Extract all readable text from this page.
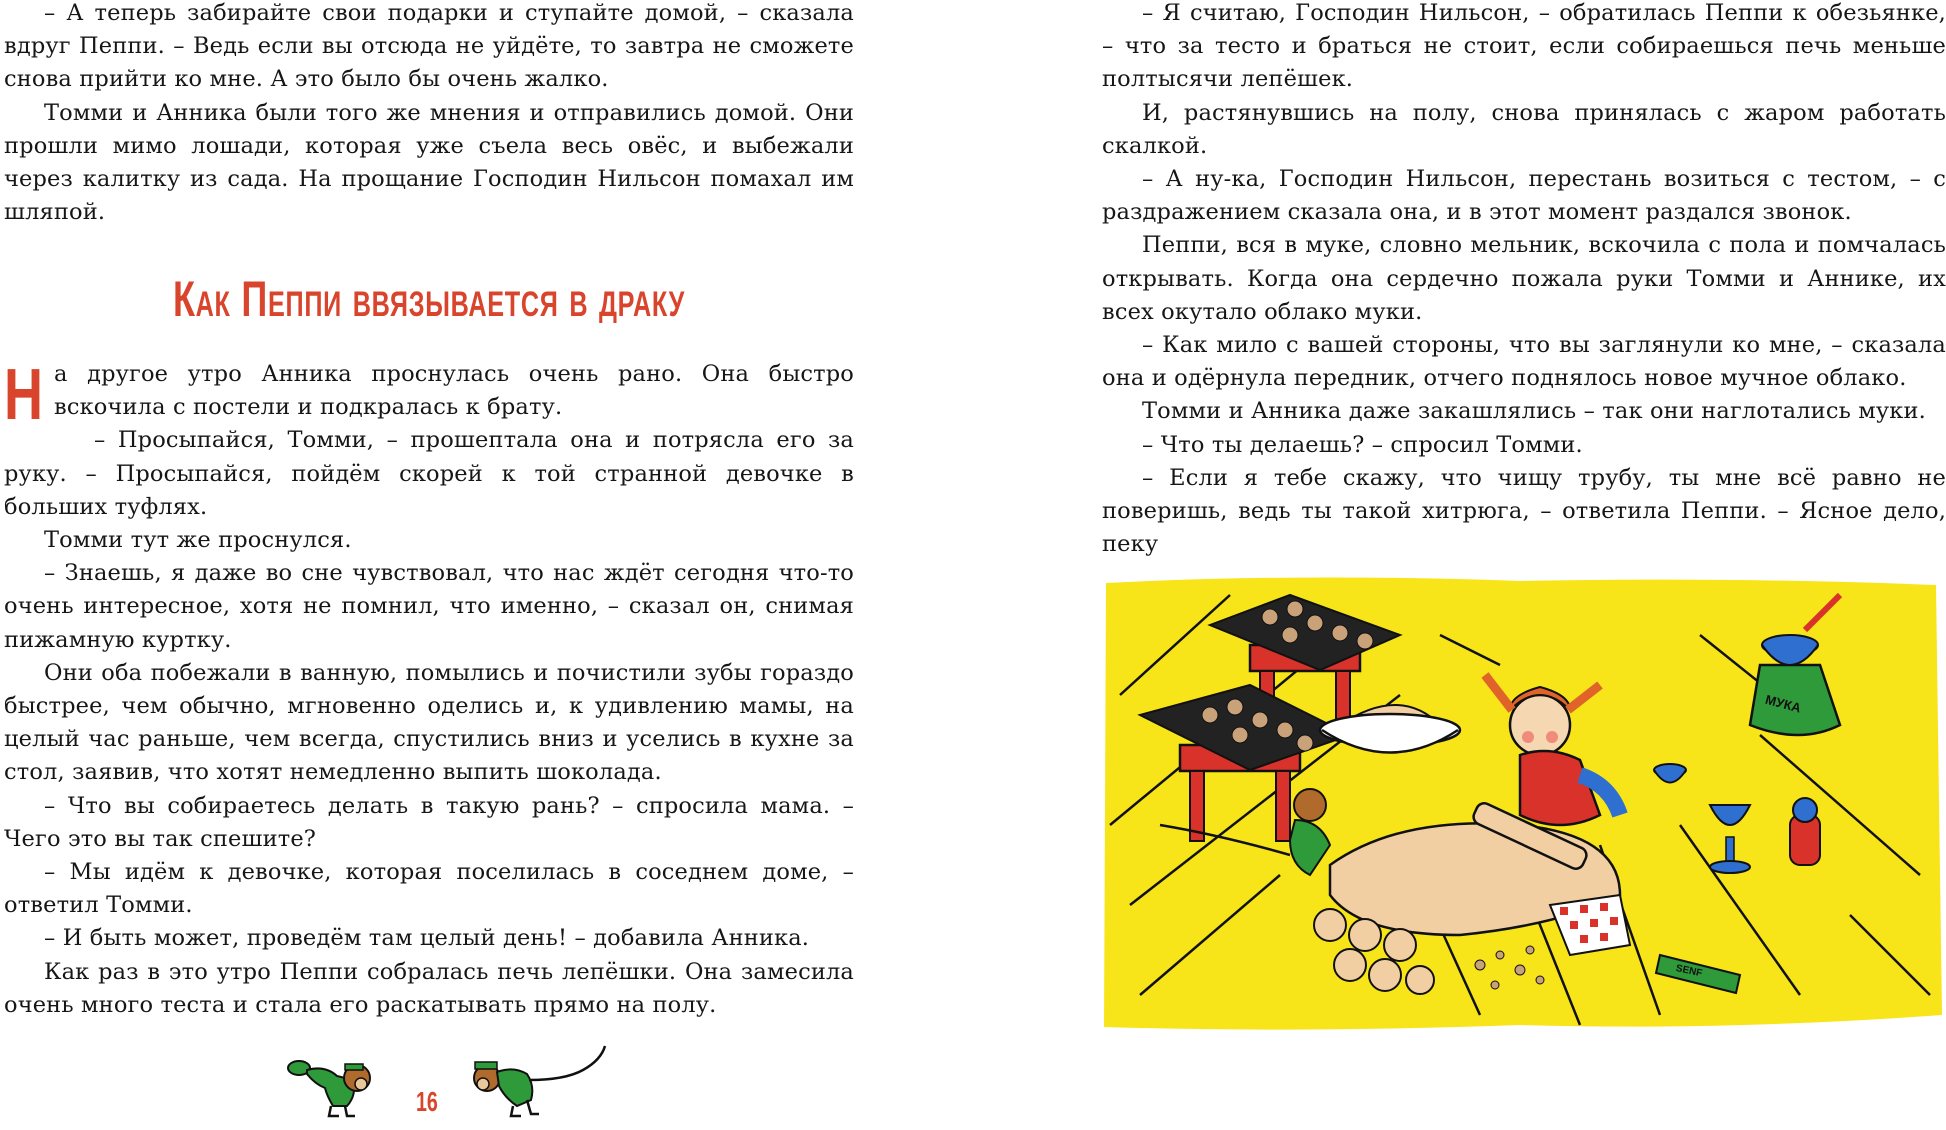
– А теперь забирайте свои подарки и ступайте домой, – сказала вдруг Пеппи. – Ведь если вы отсюда не уйдёте, то завтра не сможете снова прийти ко мне. А это было бы очень жалко.

Томми и Анника были того же мнения и отправились домой. Они прошли мимо лошади, которая уже съела весь овёс, и выбежали через калитку из сада. На прощание Господин Нильсон помахал им шляпой.

Как Пеппи ввязывается в драку

На другое утро Анника проснулась очень рано. Она быстро вскочила с постели и подкралась к брату.

– Просыпайся, Томми, – прошептала она и потрясла его за руку. – Просыпайся, пойдём скорей к той странной девочке в больших туфлях.

Томми тут же проснулся.

– Знаешь, я даже во сне чувствовал, что нас ждёт сегодня что-то очень интересное, хотя не помнил, что именно, – сказал он, снимая пижамную куртку.

Они оба побежали в ванную, помылись и почистили зубы гораздо быстрее, чем обычно, мгновенно оделись и, к удивлению мамы, на целый час раньше, чем всегда, спустились вниз и уселись в кухне за стол, заявив, что хотят немедленно выпить шоколада.

– Что вы собираетесь делать в такую рань? – спросила мама. – Чего это вы так спешите?

– Мы идём к девочке, которая поселилась в соседнем доме, – ответил Томми.

– И быть может, проведём там целый день! – добавила Анника.

Как раз в это утро Пеппи собралась печь лепёшки. Она замесила очень много теста и стала его раскатывать прямо на полу.

16

– Я считаю, Господин Нильсон, – обратилась Пеппи к обезьянке, – что за тесто и браться не стоит, если собираешься печь меньше полтысячи лепёшек.

И, растянувшись на полу, снова принялась с жаром работать скалкой.

– А ну-ка, Господин Нильсон, перестань возиться с тестом, – с раздражением сказала она, и в этот момент раздался звонок.

Пеппи, вся в муке, словно мельник, вскочила с пола и помчалась открывать. Когда она сердечно пожала руки Томми и Аннике, их всех окутало облако муки.

– Как мило с вашей стороны, что вы заглянули ко мне, – сказала она и одёрнула передник, отчего поднялось новое мучное облако.

Томми и Анника даже закашлялись – так они наглотались муки.

– Что ты делаешь? – спросил Томми.

– Если я тебе скажу, что чищу трубу, ты мне всё равно не поверишь, ведь ты такой хитрюга, – ответила Пеппи. – Ясное дело, пеку

МУКА
SENF
